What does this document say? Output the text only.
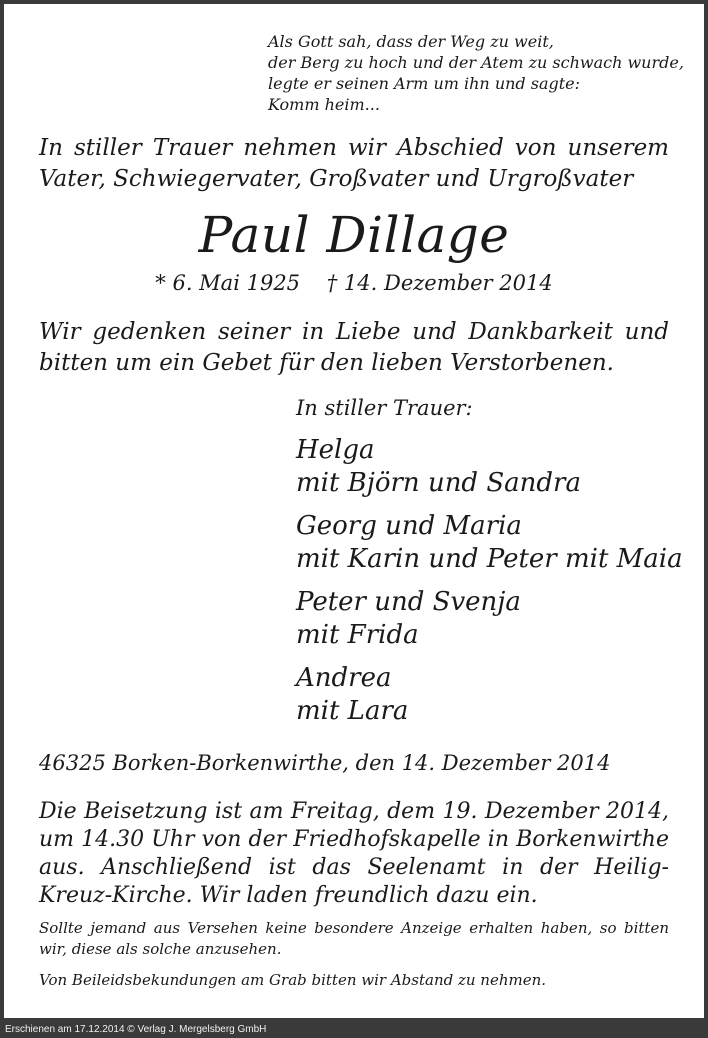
Als Gott sah, dass der Weg zu weit,

der Berg zu hoch und der Atem zu schwach wurde,

legte er seinen Arm um ihn und sagte:

Komm heim...

In stiller Trauer nehmen wir Abschied von unserem Vater, Schwiegervater, Großvater und Urgroßvater

Paul Dillage

* 6. Mai 1925 † 14. Dezember 2014

Wir gedenken seiner in Liebe und Dankbarkeit und bitten um ein Gebet für den lieben Verstorbenen.

In stiller Trauer:

Helga

mit Björn und Sandra

Georg und Maria

mit Karin und Peter mit Maia

Peter und Svenja

mit Frida

Andrea

mit Lara

46325 Borken-Borkenwirthe, den 14. Dezember 2014

Die Beisetzung ist am Freitag, dem 19. Dezember 2014, um 14.30 Uhr von der Friedhofskapelle in Borkenwirthe aus. Anschließend ist das Seelenamt in der Heilig-Kreuz-Kirche. Wir laden freundlich dazu ein.

Sollte jemand aus Versehen keine besondere Anzeige erhalten haben, so bitten wir, diese als solche anzusehen.

Von Beileidsbekundungen am Grab bitten wir Abstand zu nehmen.

Erschienen am 17.12.2014 © Verlag J. Mergelsberg GmbH
